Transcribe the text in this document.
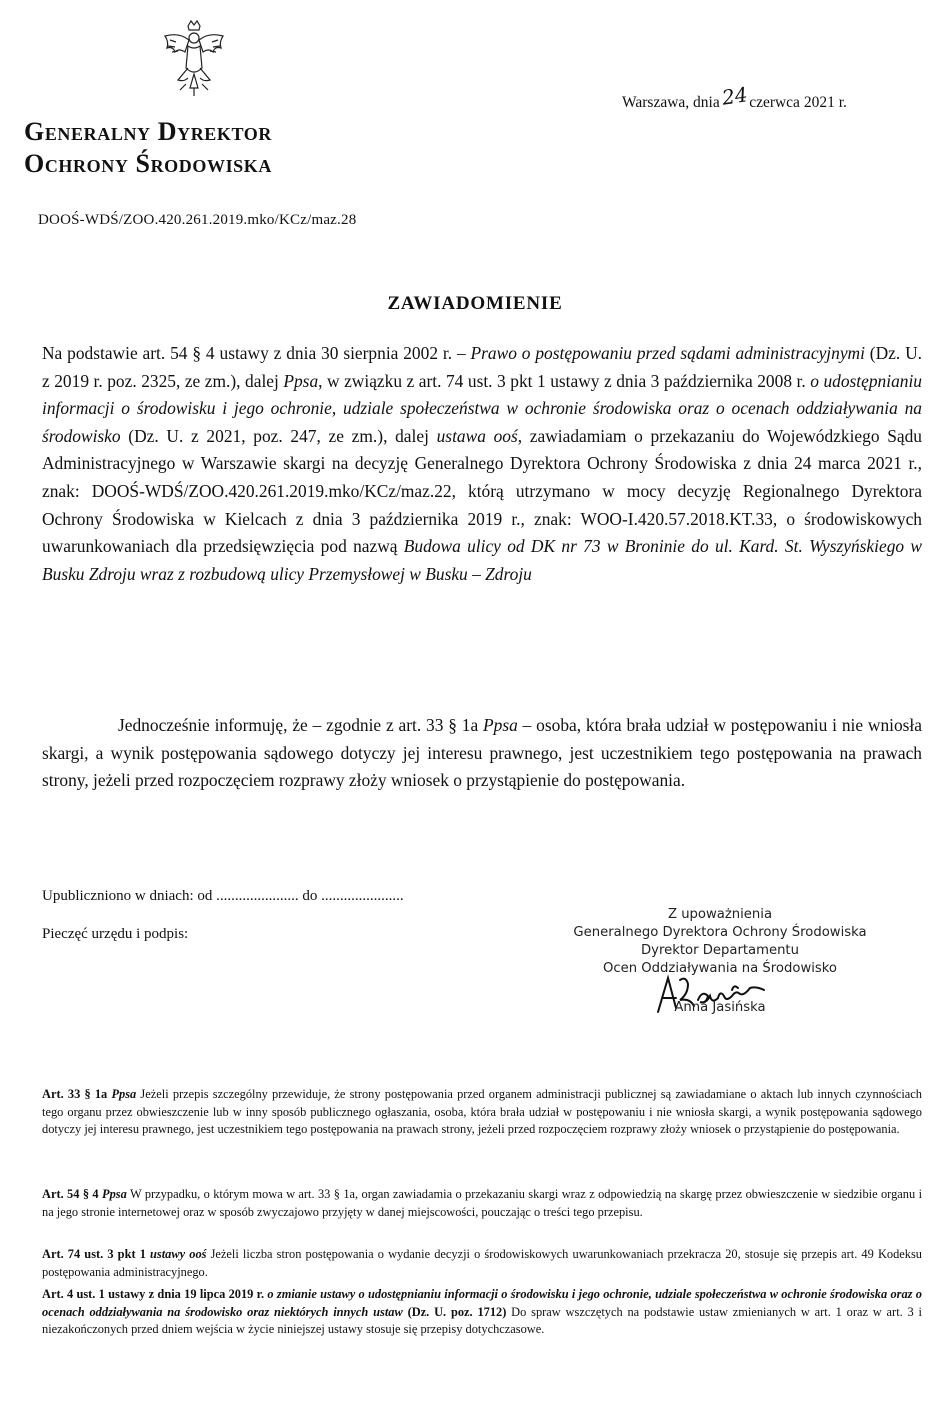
Warszawa, dnia24czerwca 2021 r.
Generalny Dyrektor
Ochrony Środowiska
DOOŚ-WDŚ/ZOO.420.261.2019.mko/KCz/maz.28
ZAWIADOMIENIE
Na podstawie art. 54 § 4 ustawy z dnia 30 sierpnia 2002 r. – Prawo o postępowaniu przed sądami administracyjnymi (Dz. U. z 2019 r. poz. 2325, ze zm.), dalej Ppsa, w związku z art. 74 ust. 3 pkt 1 ustawy z dnia 3 października 2008 r. o udostępnianiu informacji o środowisku i jego ochronie, udziale społeczeństwa w ochronie środowiska oraz o ocenach oddziaływania na środowisko (Dz. U. z 2021, poz. 247, ze zm.), dalej ustawa ooś, zawiadamiam o przekazaniu do Wojewódzkiego Sądu Administracyjnego w Warszawie skargi na decyzję Generalnego Dyrektora Ochrony Środowiska z dnia 24 marca 2021 r., znak: DOOŚ-WDŚ/ZOO.420.261.2019.mko/KCz/maz.22, którą utrzymano w mocy decyzję Regionalnego Dyrektora Ochrony Środowiska w Kielcach z dnia 3 października 2019 r., znak: WOO-I.420.57.2018.KT.33, o środowiskowych uwarunkowaniach dla przedsięwzięcia pod nazwą Budowa ulicy od DK nr 73 w Broninie do ul. Kard. St. Wyszyńskiego w Busku Zdroju wraz z rozbudową ulicy Przemysłowej w Busku – Zdroju
Jednocześnie informuję, że – zgodnie z art. 33 § 1a Ppsa – osoba, która brała udział w postępowaniu i nie wniosła skargi, a wynik postępowania sądowego dotyczy jej interesu prawnego, jest uczestnikiem tego postępowania na prawach strony, jeżeli przed rozpoczęciem rozprawy złoży wniosek o przystąpienie do postępowania.
Upubliczniono w dniach: od ...................... do ......................
Pieczęć urzędu i podpis:
Z upoważnienia
Generalnego Dyrektora Ochrony Środowiska
Dyrektor Departamentu
Ocen Oddziaływania na Środowisko
Anna Jasińska
Art. 33 § 1a Ppsa Jeżeli przepis szczególny przewiduje, że strony postępowania przed organem administracji publicznej są zawiadamiane o aktach lub innych czynnościach tego organu przez obwieszczenie lub w inny sposób publicznego ogłaszania, osoba, która brała udział w postępowaniu i nie wniosła skargi, a wynik postępowania sądowego dotyczy jej interesu prawnego, jest uczestnikiem tego postępowania na prawach strony, jeżeli przed rozpoczęciem rozprawy złoży wniosek o przystąpienie do postępowania.
Art. 54 § 4 Ppsa W przypadku, o którym mowa w art. 33 § 1a, organ zawiadamia o przekazaniu skargi wraz z odpowiedzią na skargę przez obwieszczenie w siedzibie organu i na jego stronie internetowej oraz w sposób zwyczajowo przyjęty w danej miejscowości, pouczając o treści tego przepisu.
Art. 74 ust. 3 pkt 1 ustawy ooś Jeżeli liczba stron postępowania o wydanie decyzji o środowiskowych uwarunkowaniach przekracza 20, stosuje się przepis art. 49 Kodeksu postępowania administracyjnego.
Art. 4 ust. 1 ustawy z dnia 19 lipca 2019 r. o zmianie ustawy o udostępnianiu informacji o środowisku i jego ochronie, udziale społeczeństwa w ochronie środowiska oraz o ocenach oddziaływania na środowisko oraz niektórych innych ustaw (Dz. U. poz. 1712) Do spraw wszczętych na podstawie ustaw zmienianych w art. 1 oraz w art. 3 i niezakończonych przed dniem wejścia w życie niniejszej ustawy stosuje się przepisy dotychczasowe.
